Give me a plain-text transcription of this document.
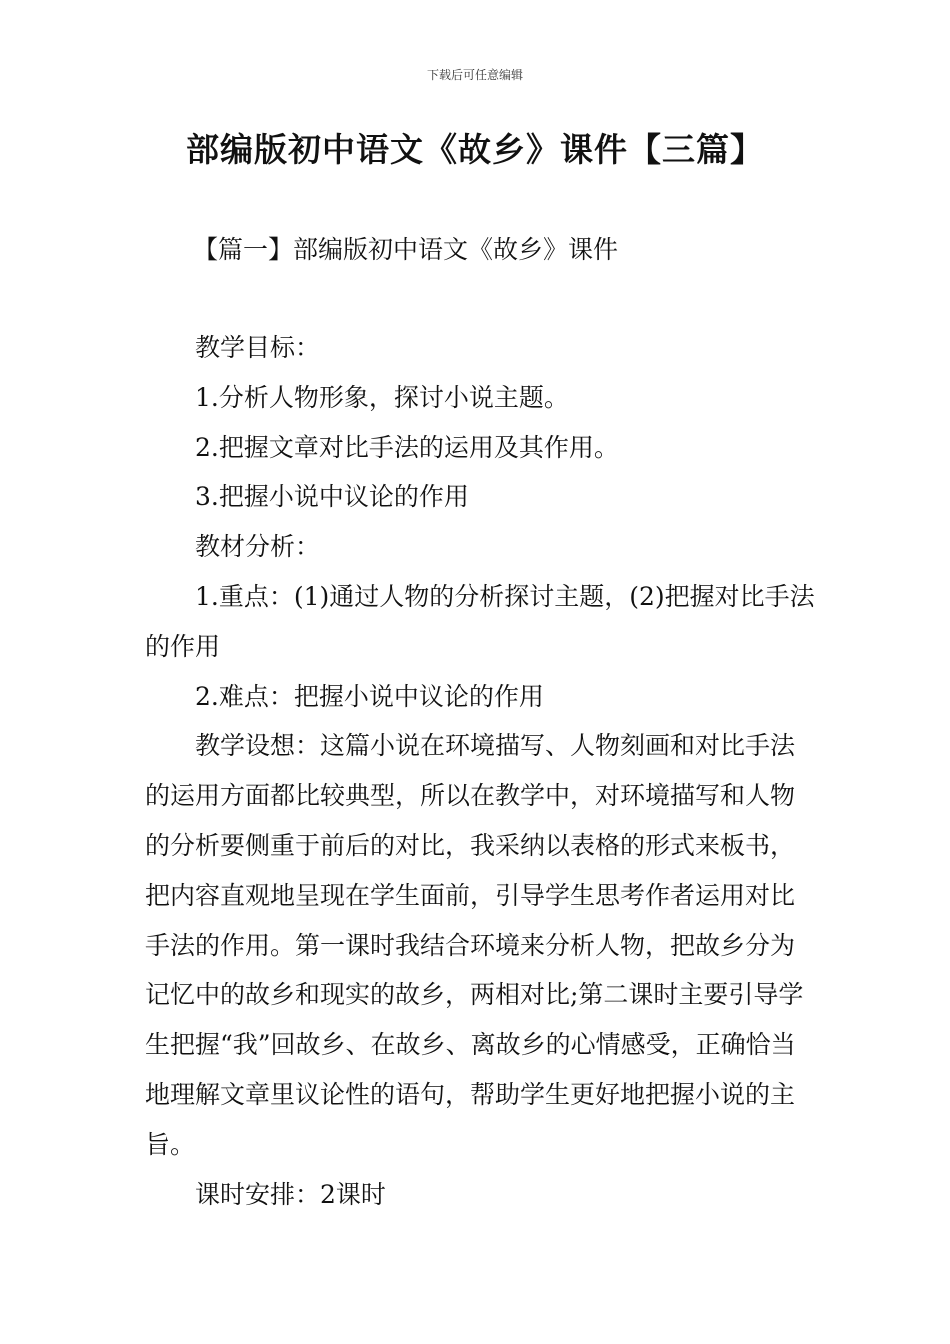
下载后可任意编辑
部编版初中语文《故乡》课件【三篇】
【篇一】部编版初中语文《故乡》课件

教学目标：

1.分析人物形象，探讨小说主题。

2.把握文章对比手法的运用及其作用。

3.把握小说中议论的作用

教材分析：

1.重点：(1)通过人物的分析探讨主题，(2)把握对比手法的作用

2.难点：把握小说中议论的作用

教学设想：这篇小说在环境描写、人物刻画和对比手法的运用方面都比较典型，所以在教学中，对环境描写和人物的分析要侧重于前后的对比，我采纳以表格的形式来板书，把内容直观地呈现在学生面前，引导学生思考作者运用对比手法的作用。第一课时我结合环境来分析人物，把故乡分为记忆中的故乡和现实的故乡，两相对比;第二课时主要引导学生把握“我”回故乡、在故乡、离故乡的心情感受，正确恰当地理解文章里议论性的语句，帮助学生更好地把握小说的主旨。

课时安排：2课时
